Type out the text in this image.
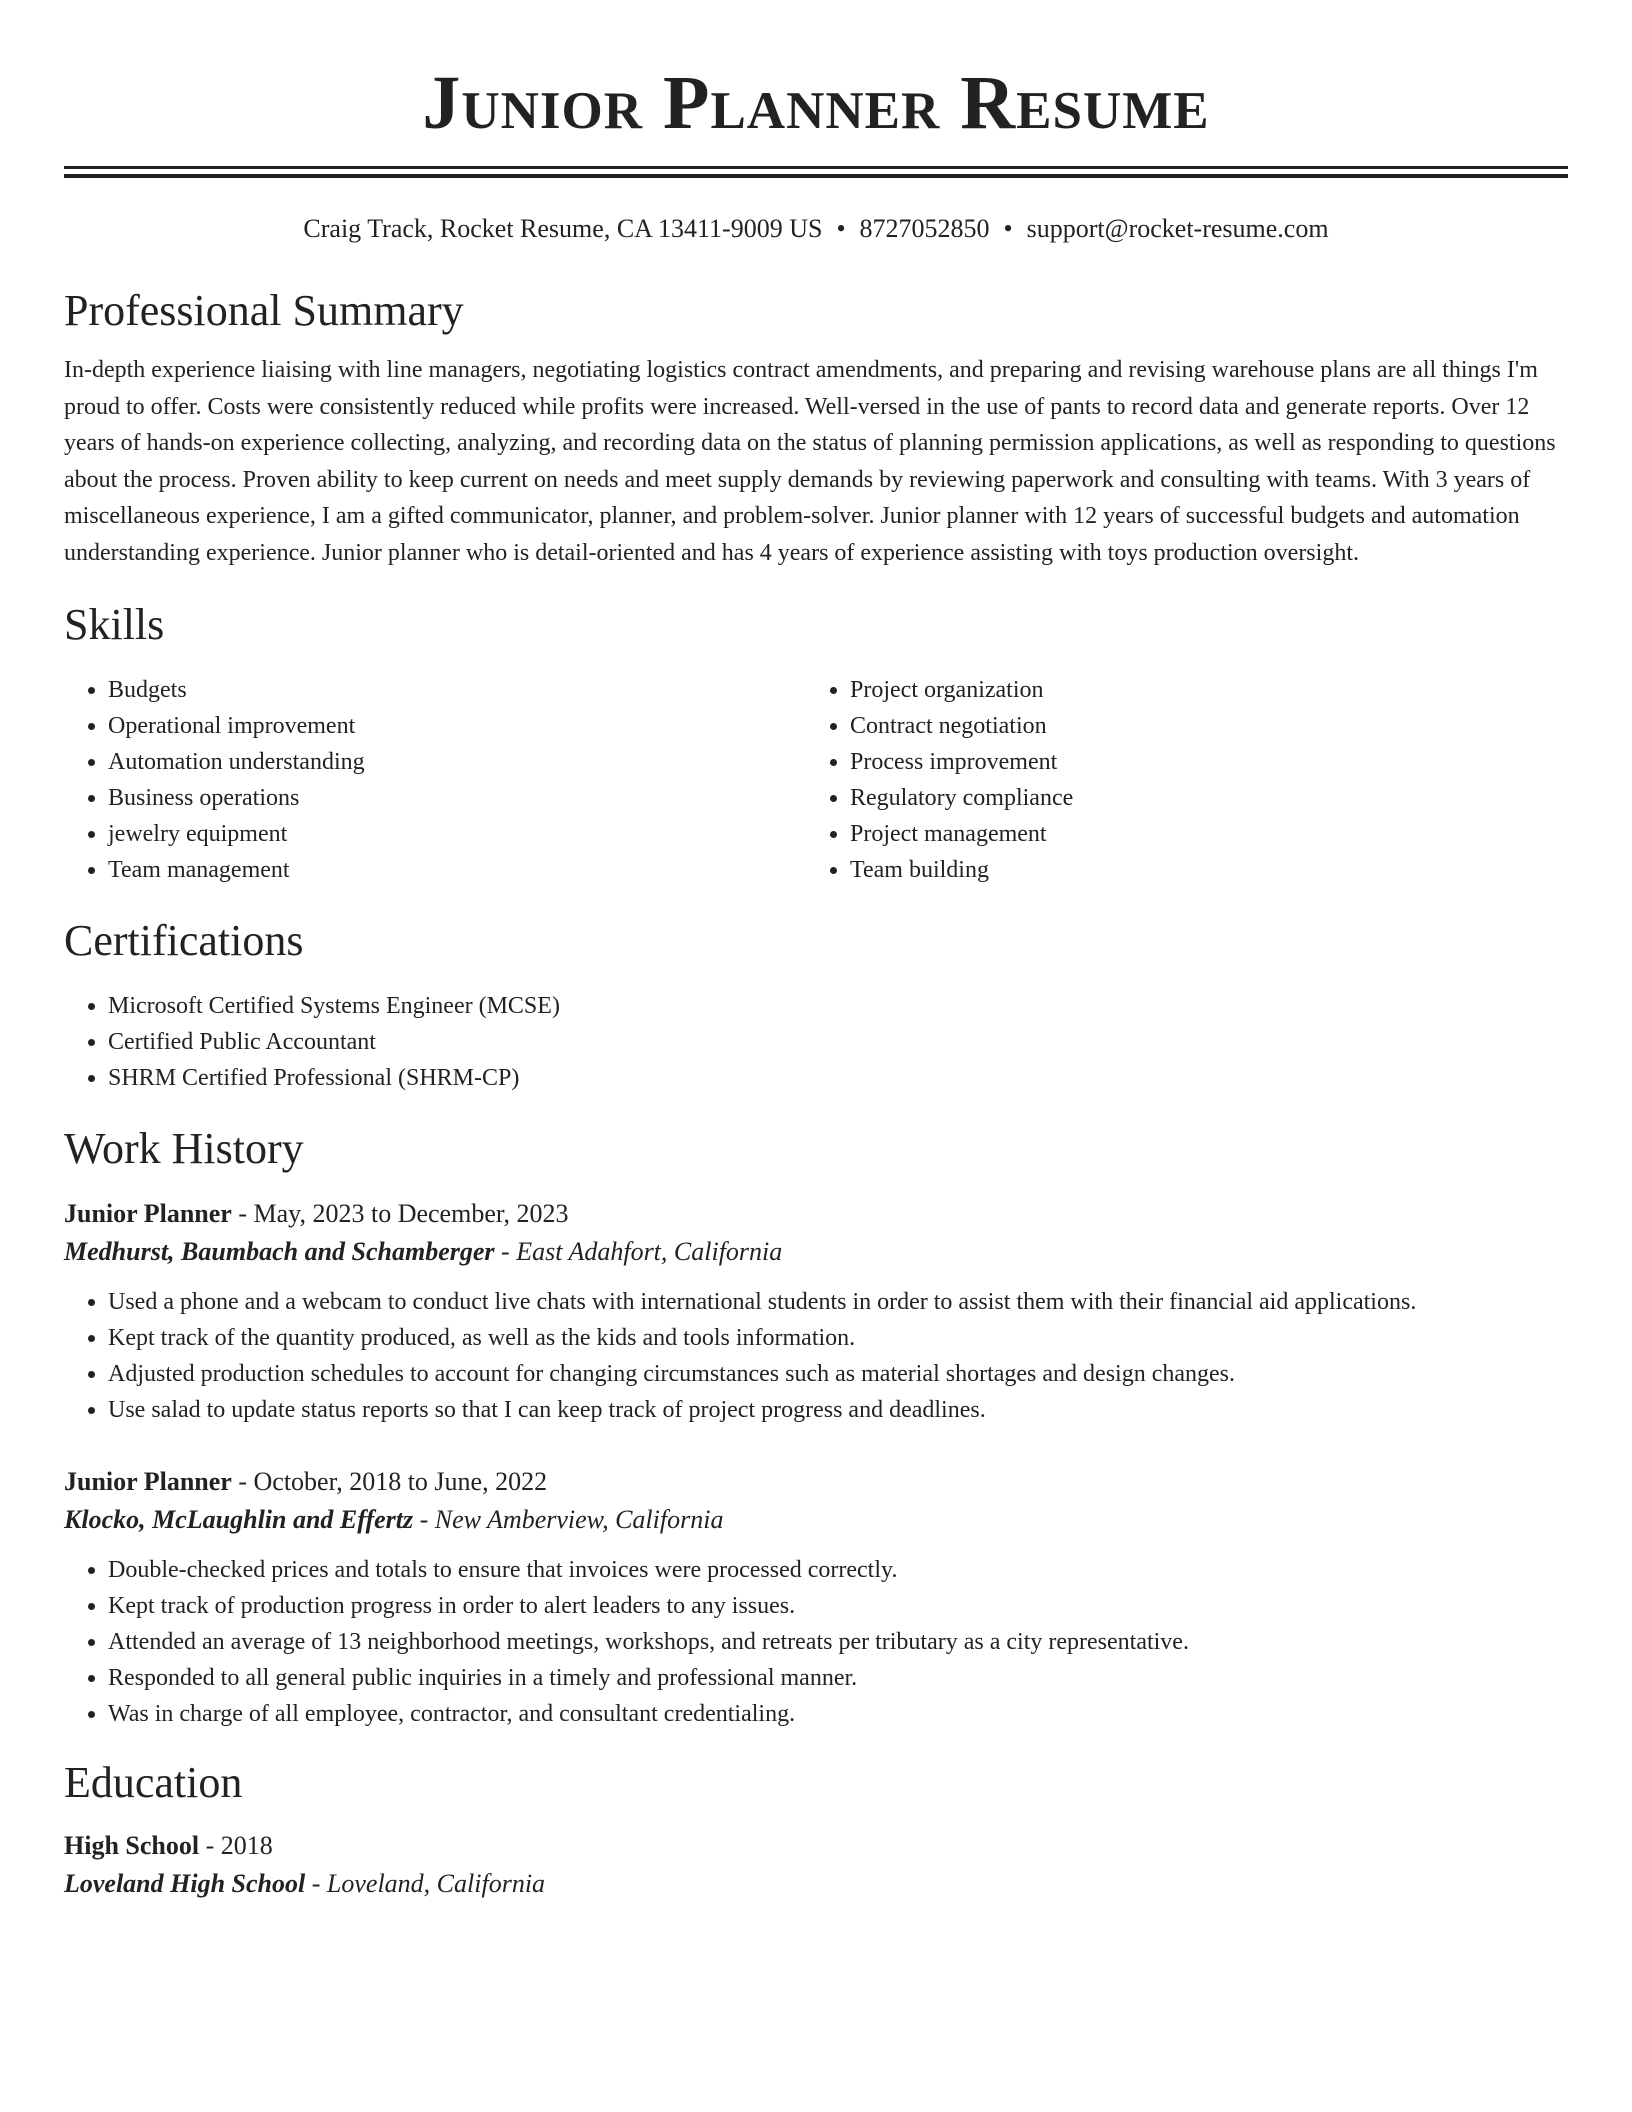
Junior Planner Resume
Craig Track, Rocket Resume, CA 13411-9009 US • 8727052850 • support@rocket-resume.com
Professional Summary
In-depth experience liaising with line managers, negotiating logistics contract amendments, and preparing and revising warehouse plans are all things I'm proud to offer. Costs were consistently reduced while profits were increased. Well-versed in the use of pants to record data and generate reports. Over 12 years of hands-on experience collecting, analyzing, and recording data on the status of planning permission applications, as well as responding to questions about the process. Proven ability to keep current on needs and meet supply demands by reviewing paperwork and consulting with teams. With 3 years of miscellaneous experience, I am a gifted communicator, planner, and problem-solver. Junior planner with 12 years of successful budgets and automation understanding experience. Junior planner who is detail-oriented and has 4 years of experience assisting with toys production oversight.
Skills
• Budgets
• Operational improvement
• Automation understanding
• Business operations
• jewelry equipment
• Team management
• Project organization
• Contract negotiation
• Process improvement
• Regulatory compliance
• Project management
• Team building
Certifications
• Microsoft Certified Systems Engineer (MCSE)
• Certified Public Accountant
• SHRM Certified Professional (SHRM-CP)
Work History
Junior Planner - May, 2023 to December, 2023
Medhurst, Baumbach and Schamberger - East Adahfort, California
• Used a phone and a webcam to conduct live chats with international students in order to assist them with their financial aid applications.
• Kept track of the quantity produced, as well as the kids and tools information.
• Adjusted production schedules to account for changing circumstances such as material shortages and design changes.
• Use salad to update status reports so that I can keep track of project progress and deadlines.
Junior Planner - October, 2018 to June, 2022
Klocko, McLaughlin and Effertz - New Amberview, California
• Double-checked prices and totals to ensure that invoices were processed correctly.
• Kept track of production progress in order to alert leaders to any issues.
• Attended an average of 13 neighborhood meetings, workshops, and retreats per tributary as a city representative.
• Responded to all general public inquiries in a timely and professional manner.
• Was in charge of all employee, contractor, and consultant credentialing.
Education
High School - 2018
Loveland High School - Loveland, California
